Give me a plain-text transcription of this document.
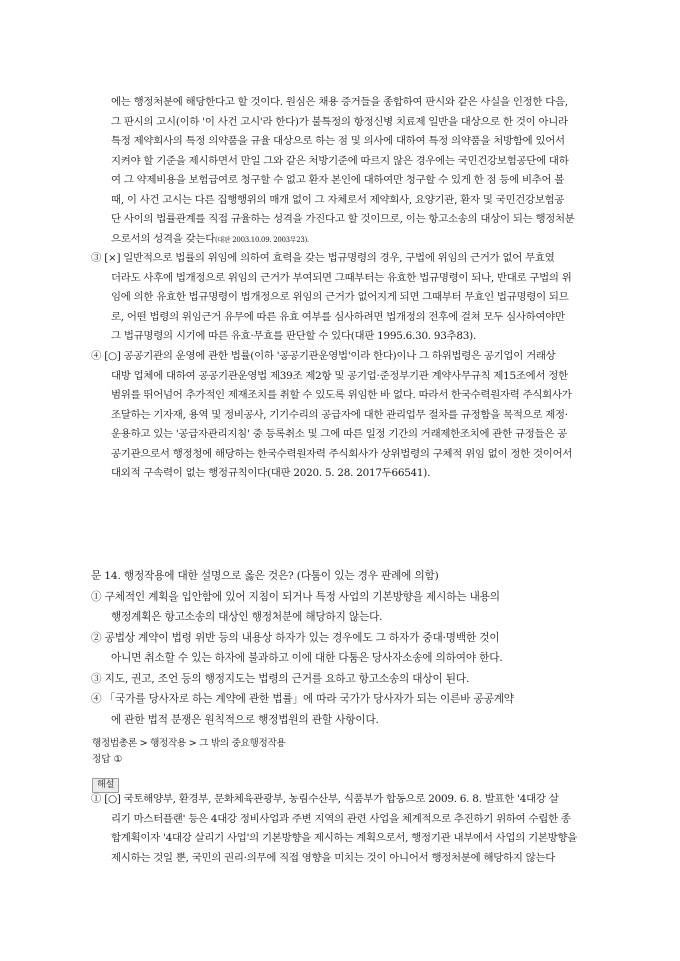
에는 행정처분에 해당한다고 할 것이다. 원심은 채용 증거들을 종합하여 판시와 같은 사실을 인정한 다음,
그 판시의 고시(이하 '이 사건 고시'라 한다)가 불특정의 항정신병 치료제 일반을 대상으로 한 것이 아니라
특정 제약회사의 특정 의약품을 규율 대상으로 하는 점 및 의사에 대하여 특정 의약품을 처방함에 있어서
지켜야 할 기준을 제시하면서 만일 그와 같은 처방기준에 따르지 않은 경우에는 국민건강보험공단에 대하
여 그 약제비용을 보험급여로 청구할 수 없고 환자 본인에 대하여만 청구할 수 있게 한 점 등에 비추어 볼
때, 이 사건 고시는 다른 집행행위의 매개 없이 그 자체로서 제약회사, 요양기관, 환자 및 국민건강보험공
단 사이의 법률관계를 직접 규율하는 성격을 가진다고 할 것이므로, 이는 항고소송의 대상이 되는 행정처분
으로서의 성격을 갖는다(대판 2003.10.09. 2003무23).
③ [×] 일반적으로 법률의 위임에 의하여 효력을 갖는 법규명령의 경우, 구법에 위임의 근거가 없어 무효였
더라도 사후에 법개정으로 위임의 근거가 부여되면 그때부터는 유효한 법규명령이 되나, 반대로 구법의 위
임에 의한 유효한 법규명령이 법개정으로 위임의 근거가 없어지게 되면 그때부터 무효인 법규명령이 되므
로, 어떤 법령의 위임근거 유무에 따른 유효 여부를 심사하려면 법개정의 전후에 걸쳐 모두 심사하여야만
그 법규명령의 시기에 따른 유효·무효를 판단할 수 있다(대판 1995.6.30. 93추83).
④ [○] 공공기관의 운영에 관한 법률(이하 '공공기관운영법'이라 한다)이나 그 하위법령은 공기업이 거래상
대방 업체에 대하여 공공기관운영법 제39조 제2항 및 공기업·준정부기관 계약사무규칙 제15조에서 정한
범위를 뛰어넘어 추가적인 제재조치를 취할 수 있도록 위임한 바 없다. 따라서 한국수력원자력 주식회사가
조달하는 기자재, 용역 및 정비공사, 기기수리의 공급자에 대한 관리업무 절차를 규정함을 목적으로 제정·
운용하고 있는 '공급자관리지침' 중 등록취소 및 그에 따른 일정 기간의 거래제한조치에 관한 규정들은 공
공기관으로서 행정청에 해당하는 한국수력원자력 주식회사가 상위법령의 구체적 위임 없이 정한 것이어서
대외적 구속력이 없는 행정규칙이다(대판 2020. 5. 28. 2017두66541).
문 14. 행정작용에 대한 설명으로 옳은 것은? (다툼이 있는 경우 판례에 의함)
① 구체적인 계획을 입안함에 있어 지침이 되거나 특정 사업의 기본방향을 제시하는 내용의
행정계획은 항고소송의 대상인 행정처분에 해당하지 않는다.
② 공법상 계약이 법령 위반 등의 내용상 하자가 있는 경우에도 그 하자가 중대·명백한 것이
아니면 취소할 수 있는 하자에 불과하고 이에 대한 다툼은 당사자소송에 의하여야 한다.
③ 지도, 권고, 조언 등의 행정지도는 법령의 근거를 요하고 항고소송의 대상이 된다.
④ 「국가를 당사자로 하는 계약에 관한 법률」에 따라 국가가 당사자가 되는 이른바 공공계약
에 관한 법적 분쟁은 원칙적으로 행정법원의 관할 사항이다.
행정법총론 > 행정작용 > 그 밖의 중요행정작용
정답 ①
해설
① [○] 국토해양부, 환경부, 문화체육관광부, 농림수산부, 식품부가 합동으로 2009. 6. 8. 발표한 '4대강 살
리기 마스터플랜' 등은 4대강 정비사업과 주변 지역의 관련 사업을 체계적으로 추진하기 위하여 수립한 종
합계획이자 '4대강 살리기 사업'의 기본방향을 제시하는 계획으로서, 행정기관 내부에서 사업의 기본방향을
제시하는 것일 뿐, 국민의 권리·의무에 직접 영향을 미치는 것이 아니어서 행정처분에 해당하지 않는다
